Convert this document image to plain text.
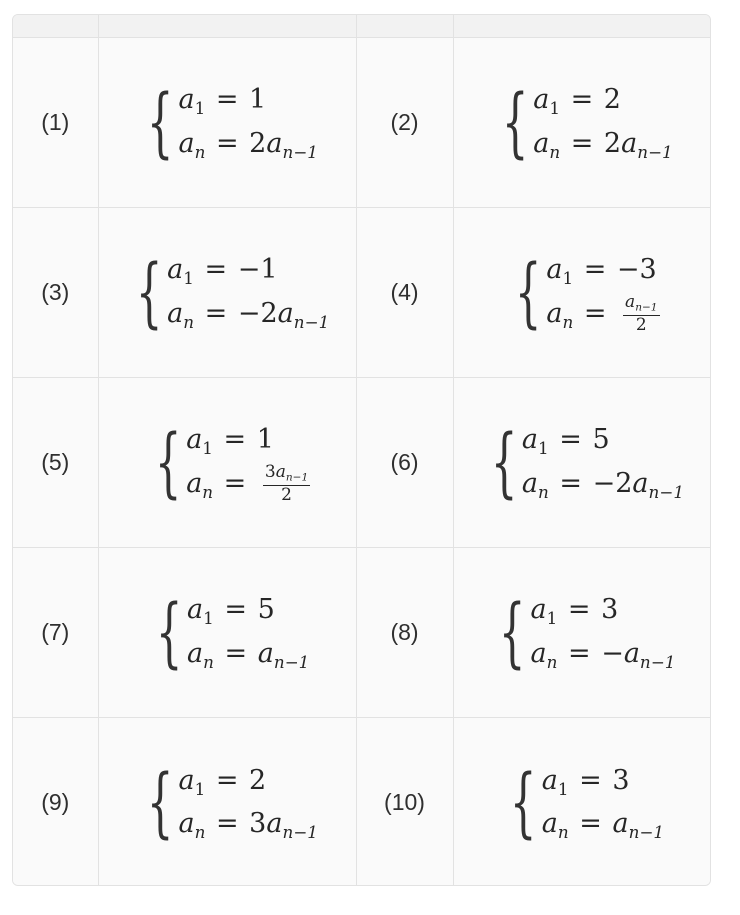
(1)	{ $a_1 = 1$
$a_n = 2a_{n-1}$	(2)	{ $a_1 = 2$
$a_n = 2a_{n-1}$

(3)	{ $a_1 = -1$
$a_n = -2a_{n-1}$	(4)	{ $a_1 = -3$
$a_n = \frac{a_{n-1}}{2}$

(5)	{ $a_1 = 1$
$a_n = \frac{3a_{n-1}}{2}$	(6)	{ $a_1 = 5$
$a_n = -2a_{n-1}$

(7)	{ $a_1 = 5$
$a_n = a_{n-1}$	(8)	{ $a_1 = 3$
$a_n = -a_{n-1}$

(9)	{ $a_1 = 2$
$a_n = 3a_{n-1}$	(10)	{ $a_1 = 3$
$a_n = a_{n-1}$
